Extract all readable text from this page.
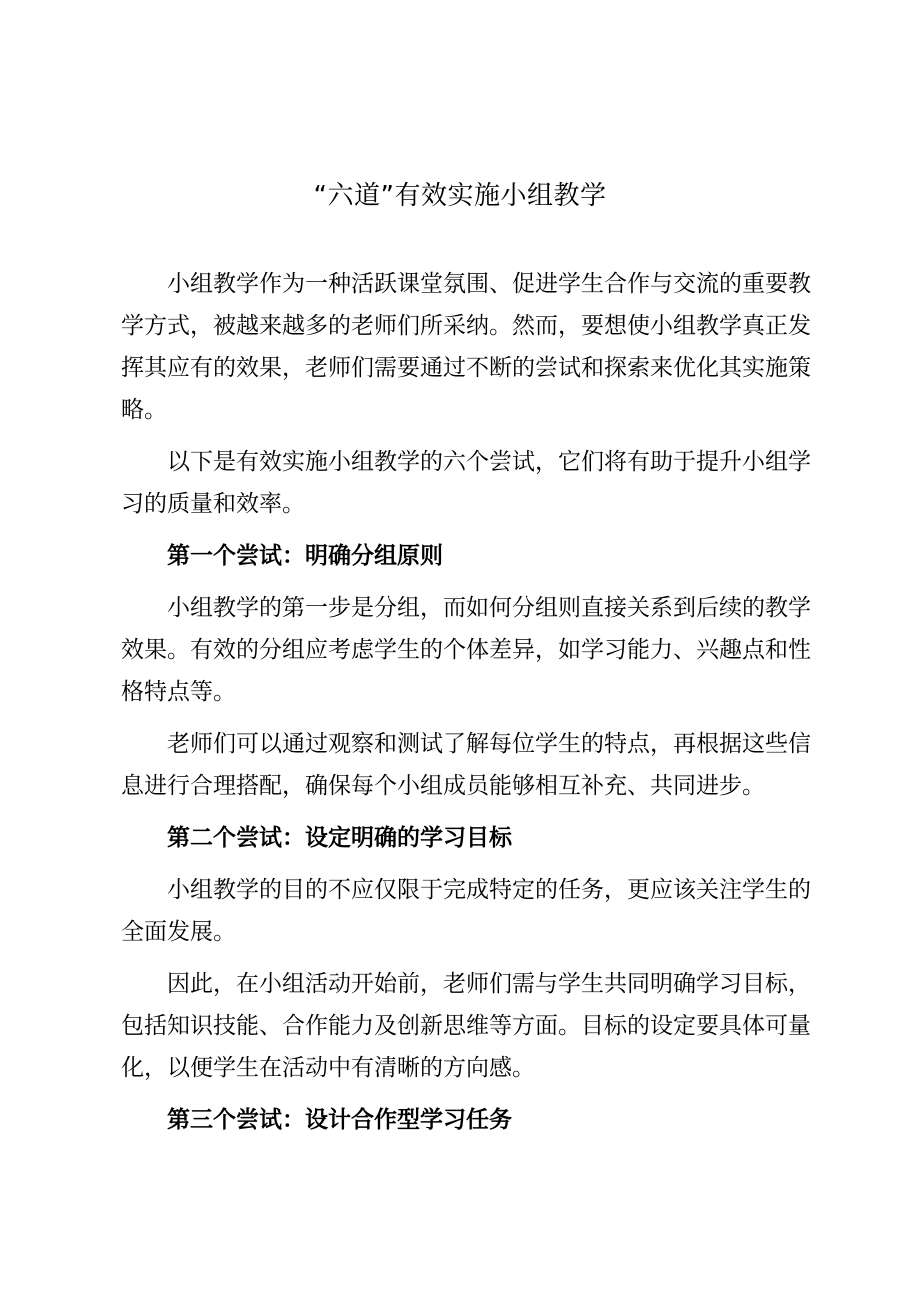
“六道”有效实施小组教学

小组教学作为一种活跃课堂氛围、促进学生合作与交流的重要教学方式，被越来越多的老师们所采纳。然而，要想使小组教学真正发挥其应有的效果，老师们需要通过不断的尝试和探索来优化其实施策略。

以下是有效实施小组教学的六个尝试，它们将有助于提升小组学习的质量和效率。

第一个尝试：明确分组原则

小组教学的第一步是分组，而如何分组则直接关系到后续的教学效果。有效的分组应考虑学生的个体差异，如学习能力、兴趣点和性格特点等。

老师们可以通过观察和测试了解每位学生的特点，再根据这些信息进行合理搭配，确保每个小组成员能够相互补充、共同进步。

第二个尝试：设定明确的学习目标

小组教学的目的不应仅限于完成特定的任务，更应该关注学生的全面发展。

因此，在小组活动开始前，老师们需与学生共同明确学习目标，包括知识技能、合作能力及创新思维等方面。目标的设定要具体可量化，以便学生在活动中有清晰的方向感。

第三个尝试：设计合作型学习任务
